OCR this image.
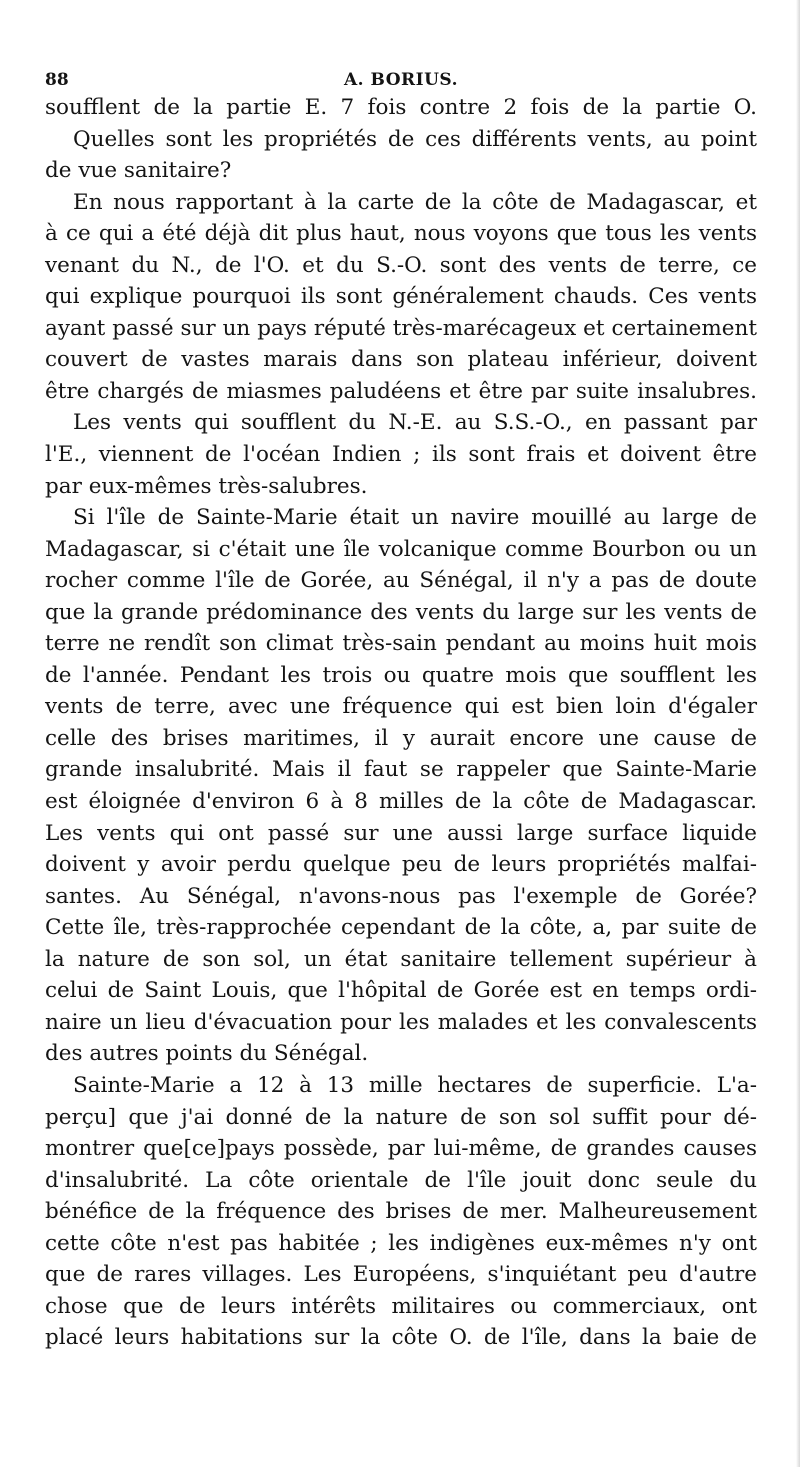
88	A. BORIUS.
soufflent de la partie E. 7 fois contre 2 fois de la partie O.
Quelles sont les propriétés de ces différents vents, au point
de vue sanitaire?
En nous rapportant à la carte de la côte de Madagascar, et
à ce qui a été déjà dit plus haut, nous voyons que tous les vents
venant du N., de l'O. et du S.-O. sont des vents de terre, ce
qui explique pourquoi ils sont généralement chauds. Ces vents
ayant passé sur un pays réputé très-marécageux et certainement
couvert de vastes marais dans son plateau inférieur, doivent
être chargés de miasmes paludéens et être par suite insalubres.
Les vents qui soufflent du N.-E. au S.S.-O., en passant par
l'E., viennent de l'océan Indien ; ils sont frais et doivent être
par eux-mêmes très-salubres.
Si l'île de Sainte-Marie était un navire mouillé au large de
Madagascar, si c'était une île volcanique comme Bourbon ou un
rocher comme l'île de Gorée, au Sénégal, il n'y a pas de doute
que la grande prédominance des vents du large sur les vents de
terre ne rendît son climat très-sain pendant au moins huit mois
de l'année. Pendant les trois ou quatre mois que soufflent les
vents de terre, avec une fréquence qui est bien loin d'égaler
celle des brises maritimes, il y aurait encore une cause de
grande insalubrité. Mais il faut se rappeler que Sainte-Marie
est éloignée d'environ 6 à 8 milles de la côte de Madagascar.
Les vents qui ont passé sur une aussi large surface liquide
doivent y avoir perdu quelque peu de leurs propriétés malfai-
santes. Au Sénégal, n'avons-nous pas l'exemple de Gorée?
Cette île, très-rapprochée cependant de la côte, a, par suite de
la nature de son sol, un état sanitaire tellement supérieur à
celui de Saint Louis, que l'hôpital de Gorée est en temps ordi-
naire un lieu d'évacuation pour les malades et les convalescents
des autres points du Sénégal.
Sainte-Marie a 12 à 13 mille hectares de superficie. L'a-
perçu] que j'ai donné de la nature de son sol suffit pour dé-
montrer que[ce]pays possède, par lui-même, de grandes causes
d'insalubrité. La côte orientale de l'île jouit donc seule du
bénéfice de la fréquence des brises de mer. Malheureusement
cette côte n'est pas habitée ; les indigènes eux-mêmes n'y ont
que de rares villages. Les Européens, s'inquiétant peu d'autre
chose que de leurs intérêts militaires ou commerciaux, ont
placé leurs habitations sur la côte O. de l'île, dans la baie de
